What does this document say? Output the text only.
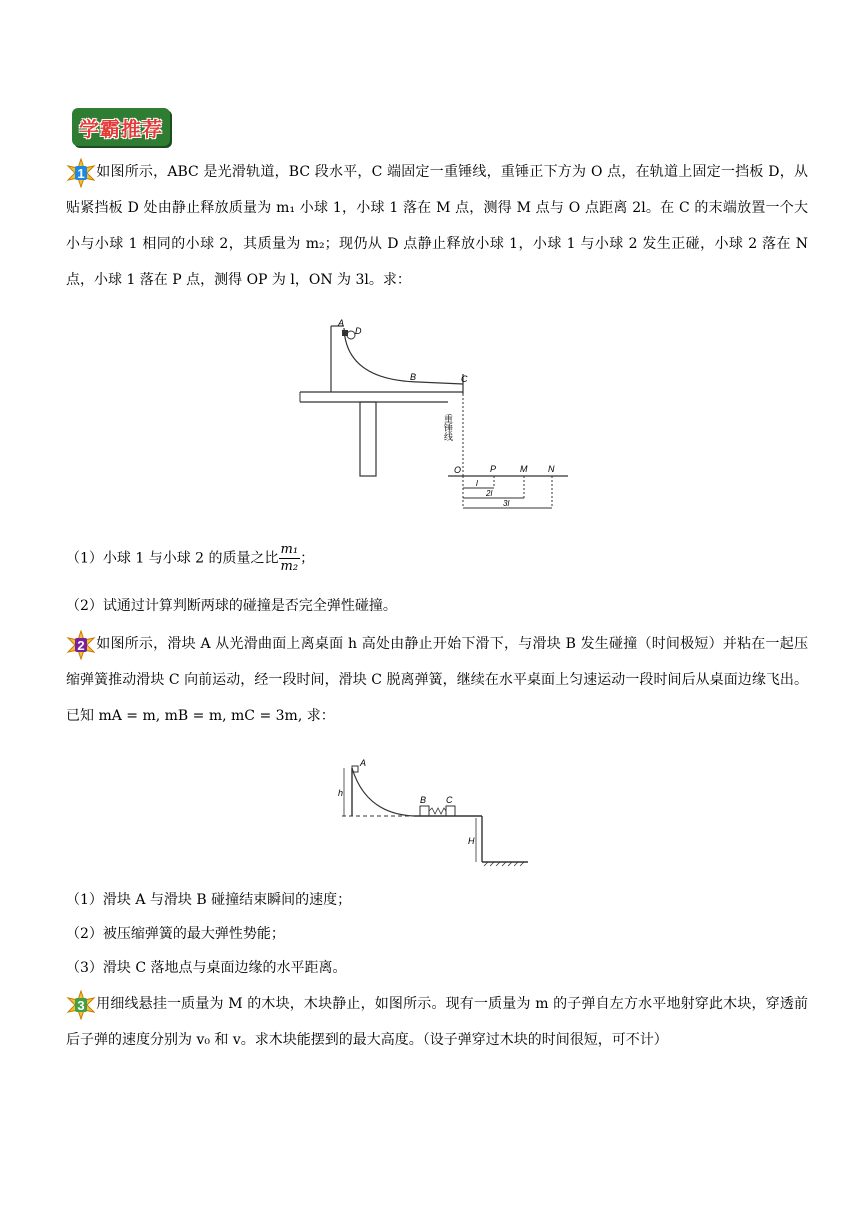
学霸推荐
1 如图所示，ABC 是光滑轨道，BC 段水平，C 端固定一重锤线，重锤正下方为 O 点，在轨道上固定一挡板 D，从贴紧挡板 D 处由静止释放质量为 m₁ 小球 1，小球 1 落在 M 点，测得 M 点与 O 点距离 2l。在 C 的末端放置一个大小与小球 1 相同的小球 2，其质量为 m₂；现仍从 D 点静止释放小球 1，小球 1 与小球 2 发生正碰，小球 2 落在 N 点，小球 1 落在 P 点，测得 OP 为 l，ON 为 3l。求：
A
D
B	C
重锤线
O	P	M N
l
2l
3l
（1）小球 1 与小球 2 的质量之比 $\frac{\text{m₁}}{\text{m₂}}$ ；
（2）试通过计算判断两球的碰撞是否完全弹性碰撞。
2 如图所示，滑块 A 从光滑曲面上离桌面 h 高处由静止开始下滑下，与滑块 B 发生碰撞（时间极短）并粘在一起压缩弹簧推动滑块 C 向前运动，经一段时间，滑块 C 脱离弹簧，继续在水平桌面上匀速运动一段时间后从桌面边缘飞出。已知 mA = m, mB = m, mC = 3m, 求：
h
H
A
B C
（1）滑块 A 与滑块 B 碰撞结束瞬间的速度；
（2）被压缩弹簧的最大弹性势能；
（3）滑块 C 落地点与桌面边缘的水平距离。
3 用细线悬挂一质量为 M 的木块，木块静止，如图所示。现有一质量为 m 的子弹自左方水平地射穿此木块，穿透前后子弹的速度分别为 v₀ 和 v。求木块能摆到的最大高度。（设子弹穿过木块的时间很短，可不计）
